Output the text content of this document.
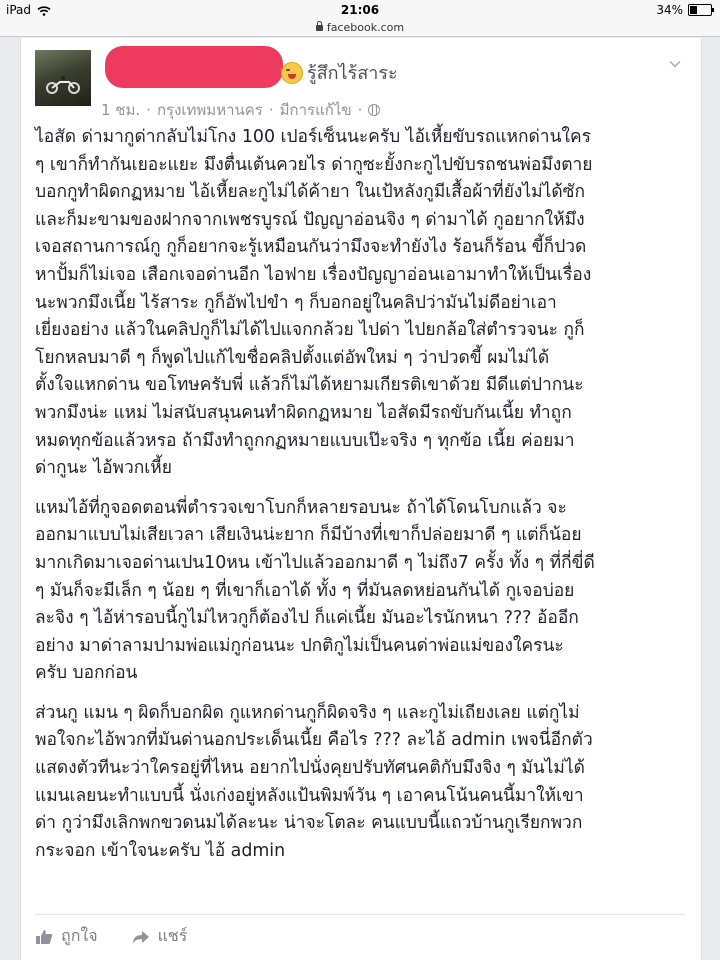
iPad	21:06	34%
facebook.com
รู้สึกไร้สาระ
1 ชม. · กรุงเทพมหานคร · มีการแก้ไข ·
ไอสัด ด่ามากูด่ากลับไม่โกง 100 เปอร์เซ็นนะครับ ไอ้เหี้ยขับรถแหกด่านใคร
ๆ เขาก็ทำกันเยอะแยะ มึงตื่นเต้นควยไร ด่ากูซะยั้งกะกูไปขับรถชนพ่อมึงตาย
บอกกูทำผิดกฏหมาย ไอ้เหี้ยละกูไม่ได้ค้ายา ในเป้หลังกูมีเสื้อผ้าที่ยังไม่ได้ซัก
และก็มะขามของฝากจากเพชรบูรณ์ ปัญญาอ่อนจิง ๆ ด่ามาได้ กูอยากให้มึง
เจอสถานการณ์กู กูก็อยากจะรู้เหมือนกันว่ามึงจะทำยังไง ร้อนก็ร้อน ขี้ก็ปวด
หาปั้มก็ไม่เจอ เสือกเจอด่านอีก ไอฟาย เรื่องปัญญาอ่อนเอามาทำให้เป็นเรื่อง
นะพวกมึงเนี้ย ไร้สาระ กูก็อัพไปขำ ๆ ก็บอกอยู่ในคลิปว่ามันไม่ดีอย่าเอา
เยี่ยงอย่าง แล้วในคลิปกูก็ไม่ได้ไปแจกกล้วย ไปด่า ไปยกล้อใส่ตำรวจนะ กูก็
โยกหลบมาดี ๆ ก็พูดไปแก้ไขชื่อคลิปตั้งแต่อัพใหม่ ๆ ว่าปวดขี้ ผมไม่ได้
ตั้งใจแหกด่าน ขอโทษครับพี่ แล้วก็ไม่ได้หยามเกียรติเขาด้วย มีดีแต่ปากนะ
พวกมึงน่ะ แหม่ ไม่สนับสนุนคนทำผิดกฏหมาย ไอสัดมีรถขับกันเนี้ย ทำถูก
หมดทุกข้อแล้วหรอ ถ้ามึงทำถูกกฏหมายแบบเป๊ะจริง ๆ ทุกข้อ เนี้ย ค่อยมา
ด่ากูนะ ไอ้พวกเหี้ย
แหมไอ้ที่กูจอดตอนพี่ตำรวจเขาโบกก็หลายรอบนะ ถ้าได้โดนโบกแล้ว จะ
ออกมาแบบไม่เสียเวลา เสียเงินน่ะยาก ก็มีบ้างที่เขาก็ปล่อยมาดี ๆ แต่ก็น้อย
มากเกิดมาเจอด่านเปน10หน เข้าไปแล้วออกมาดี ๆ ไม่ถึง7 ครั้ง ทั้ง ๆ ที่กี่ขี่ดี
ๆ มันก็จะมีเล็ก ๆ น้อย ๆ ที่เขาก็เอาได้ ทั้ง ๆ ที่มันลดหย่อนกันได้ กูเจอบ่อย
ละจิง ๆ ไอ้ห่ารอบนี้กูไม่ไหวกูก็ต้องไป ก็แค่เนี้ย มันอะไรนักหนา ??? อ้ออีก
อย่าง มาด่าลามปามพ่อแม่กูก่อนนะ ปกติกูไม่เป็นคนด่าพ่อแม่ของใครนะ
ครับ บอกก่อน
ส่วนกู แมน ๆ ผิดก็บอกผิด กูแหกด่านกูก็ผิดจริง ๆ และกูไม่เถียงเลย แต่กูไม่
พอใจกะไอ้พวกที่มันด่านอกประเด็นเนี้ย คือไร ??? ละไอ้ admin เพจนี่อีกตัว
แสดงตัวทีนะว่าใครอยู่ที่ไหน อยากไปนั่งคุยปรับทัศนคติกับมึงจิง ๆ มันไม่ได้
แมนเลยนะทำแบบนี้ นั่งเก่งอยู่หลังแป้นพิมพ์วัน ๆ เอาคนโน้นคนนี้มาให้เขา
ด่า กูว่ามึงเลิกพกขวดนมได้ละนะ น่าจะโตละ คนแบบนี้แถวบ้านกูเรียกพวก
กระจอก เข้าใจนะครับ ไอ้ admin
ถูกใจ	แชร์
